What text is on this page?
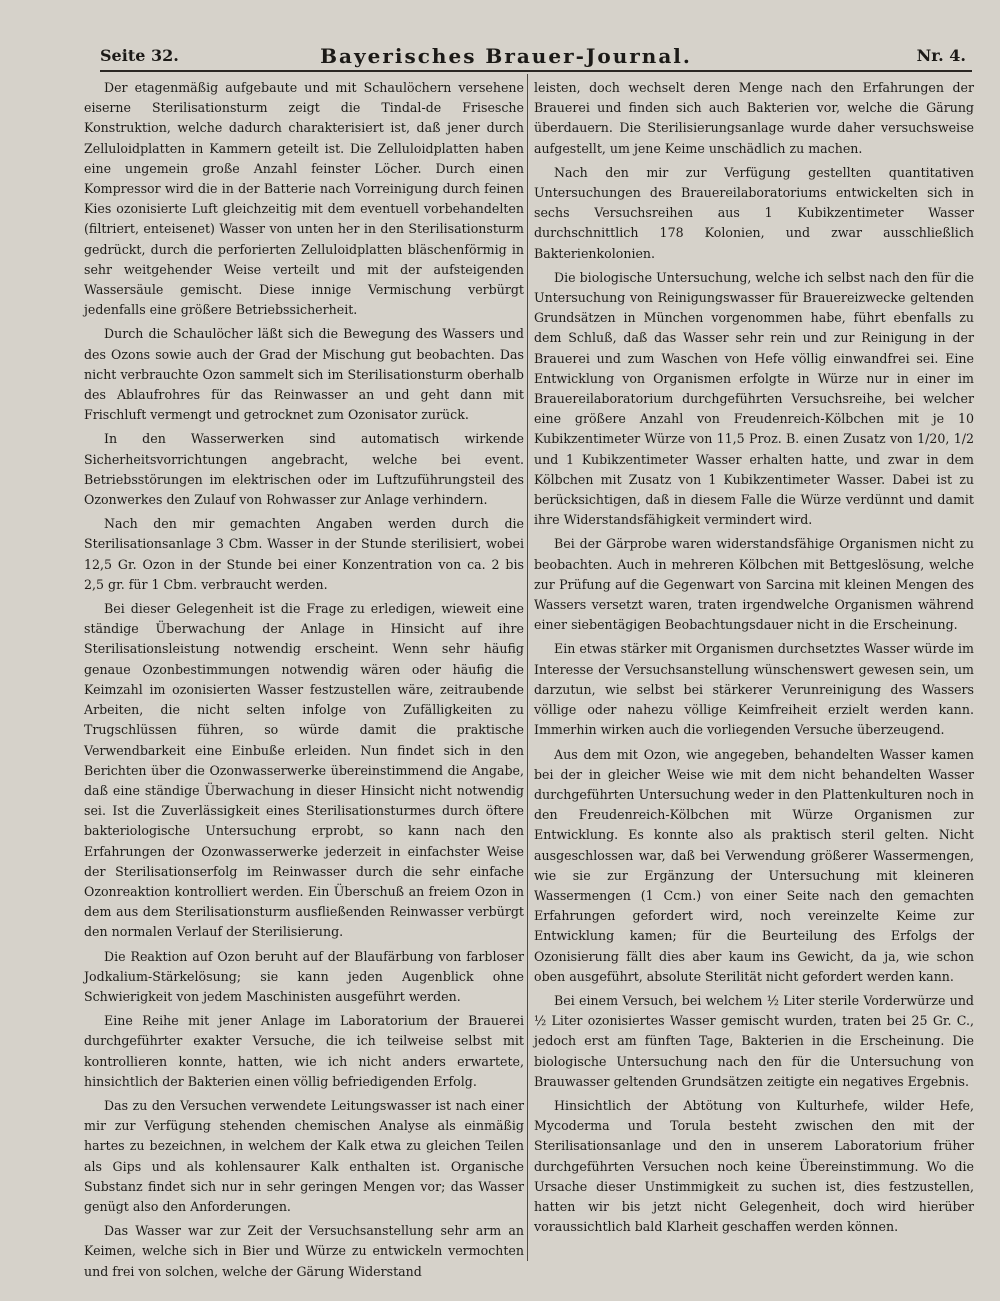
Seite 32.	Bayerisches Brauer-Journal.	Nr. 4.

Der etagenmäßig aufgebaute und mit Schaulöchern versehene eiserne Sterilisationsturm zeigt die Tindal-de Frisesche Konstruktion, welche dadurch charakterisiert ist, daß jener durch Zelluloidplatten in Kammern geteilt ist. Die Zelluloidplatten haben eine ungemein große Anzahl feinster Löcher. Durch einen Kompressor wird die in der Batterie nach Vorreinigung durch feinen Kies ozonisierte Luft gleichzeitig mit dem eventuell vorbehandelten (filtriert, enteisenet) Wasser von unten her in den Sterilisationsturm gedrückt, durch die perforierten Zelluloidplatten bläschenförmig in sehr weitgehender Weise verteilt und mit der aufsteigenden Wassersäule gemischt. Diese innige Vermischung verbürgt jedenfalls eine größere Betriebssicherheit.

Durch die Schaulöcher läßt sich die Bewegung des Wassers und des Ozons sowie auch der Grad der Mischung gut beobachten. Das nicht verbrauchte Ozon sammelt sich im Sterilisationsturm oberhalb des Ablaufrohres für das Reinwasser an und geht dann mit Frischluft vermengt und getrocknet zum Ozonisator zurück.

In den Wasserwerken sind automatisch wirkende Sicherheitsvorrichtungen angebracht, welche bei event. Betriebsstörungen im elektrischen oder im Luftzuführungsteil des Ozonwerkes den Zulauf von Rohwasser zur Anlage verhindern.

Nach den mir gemachten Angaben werden durch die Sterilisationsanlage 3 Cbm. Wasser in der Stunde sterilisiert, wobei 12,5 Gr. Ozon in der Stunde bei einer Konzentration von ca. 2 bis 2,5 gr. für 1 Cbm. verbraucht werden.

Bei dieser Gelegenheit ist die Frage zu erledigen, wieweit eine ständige Überwachung der Anlage in Hinsicht auf ihre Sterilisationsleistung notwendig erscheint. Wenn sehr häufig genaue Ozonbestimmungen notwendig wären oder häufig die Keimzahl im ozonisierten Wasser festzustellen wäre, zeitraubende Arbeiten, die nicht selten infolge von Zufälligkeiten zu Trugschlüssen führen, so würde damit die praktische Verwendbarkeit eine Einbuße erleiden. Nun findet sich in den Berichten über die Ozonwasserwerke übereinstimmend die Angabe, daß eine ständige Überwachung in dieser Hinsicht nicht notwendig sei. Ist die Zuverlässigkeit eines Sterilisationsturmes durch öftere bakteriologische Untersuchung erprobt, so kann nach den Erfahrungen der Ozonwasserwerke jederzeit in einfachster Weise der Sterilisationserfolg im Reinwasser durch die sehr einfache Ozonreaktion kontrolliert werden. Ein Überschuß an freiem Ozon in dem aus dem Sterilisationsturm ausfließenden Reinwasser verbürgt den normalen Verlauf der Sterilisierung.

Die Reaktion auf Ozon beruht auf der Blaufärbung von farbloser Jodkalium-Stärkelösung; sie kann jeden Augenblick ohne Schwierigkeit von jedem Maschinisten ausgeführt werden.

Eine Reihe mit jener Anlage im Laboratorium der Brauerei durchgeführter exakter Versuche, die ich teilweise selbst mit kontrollieren konnte, hatten, wie ich nicht anders erwartete, hinsichtlich der Bakterien einen völlig befriedigenden Erfolg.

Das zu den Versuchen verwendete Leitungswasser ist nach einer mir zur Verfügung stehenden chemischen Analyse als einmäßig hartes zu bezeichnen, in welchem der Kalk etwa zu gleichen Teilen als Gips und als kohlensaurer Kalk enthalten ist. Organische Substanz findet sich nur in sehr geringen Mengen vor; das Wasser genügt also den Anforderungen.

Das Wasser war zur Zeit der Versuchsanstellung sehr arm an Keimen, welche sich in Bier und Würze zu entwickeln vermochten und frei von solchen, welche der Gärung Widerstand

leisten, doch wechselt deren Menge nach den Erfahrungen der Brauerei und finden sich auch Bakterien vor, welche die Gärung überdauern. Die Sterilisierungsanlage wurde daher versuchsweise aufgestellt, um jene Keime unschädlich zu machen.

Nach den mir zur Verfügung gestellten quantitativen Untersuchungen des Brauereilaboratoriums entwickelten sich in sechs Versuchsreihen aus 1 Kubikzentimeter Wasser durchschnittlich 178 Kolonien, und zwar ausschließlich Bakterienkolonien.

Die biologische Untersuchung, welche ich selbst nach den für die Untersuchung von Reinigungswasser für Brauereizwecke geltenden Grundsätzen in München vorgenommen habe, führt ebenfalls zu dem Schluß, daß das Wasser sehr rein und zur Reinigung in der Brauerei und zum Waschen von Hefe völlig einwandfrei sei. Eine Entwicklung von Organismen erfolgte in Würze nur in einer im Brauereilaboratorium durchgeführten Versuchsreihe, bei welcher eine größere Anzahl von Freudenreich-Kölbchen mit je 10 Kubikzentimeter Würze von 11,5 Proz. B. einen Zusatz von 1/20, 1/2 und 1 Kubikzentimeter Wasser erhalten hatte, und zwar in dem Kölbchen mit Zusatz von 1 Kubikzentimeter Wasser. Dabei ist zu berücksichtigen, daß in diesem Falle die Würze verdünnt und damit ihre Widerstandsfähigkeit vermindert wird.

Bei der Gärprobe waren widerstandsfähige Organismen nicht zu beobachten. Auch in mehreren Kölbchen mit Bettgeslösung, welche zur Prüfung auf die Gegenwart von Sarcina mit kleinen Mengen des Wassers versetzt waren, traten irgendwelche Organismen während einer siebentägigen Beobachtungsdauer nicht in die Erscheinung.

Ein etwas stärker mit Organismen durchsetztes Wasser würde im Interesse der Versuchsanstellung wünschenswert gewesen sein, um darzutun, wie selbst bei stärkerer Verunreinigung des Wassers völlige oder nahezu völlige Keimfreiheit erzielt werden kann. Immerhin wirken auch die vorliegenden Versuche überzeugend.

Aus dem mit Ozon, wie angegeben, behandelten Wasser kamen bei der in gleicher Weise wie mit dem nicht behandelten Wasser durchgeführten Untersuchung weder in den Plattenkulturen noch in den Freudenreich-Kölbchen mit Würze Organismen zur Entwicklung. Es konnte also als praktisch steril gelten. Nicht ausgeschlossen war, daß bei Verwendung größerer Wassermengen, wie sie zur Ergänzung der Untersuchung mit kleineren Wassermengen (1 Ccm.) von einer Seite nach den gemachten Erfahrungen gefordert wird, noch vereinzelte Keime zur Entwicklung kamen; für die Beurteilung des Erfolgs der Ozonisierung fällt dies aber kaum ins Gewicht, da ja, wie schon oben ausgeführt, absolute Sterilität nicht gefordert werden kann.

Bei einem Versuch, bei welchem ½ Liter sterile Vorderwürze und ½ Liter ozonisiertes Wasser gemischt wurden, traten bei 25 Gr. C., jedoch erst am fünften Tage, Bakterien in die Erscheinung. Die biologische Untersuchung nach den für die Untersuchung von Brauwasser geltenden Grundsätzen zeitigte ein negatives Ergebnis.

Hinsichtlich der Abtötung von Kulturhefe, wilder Hefe, Mycoderma und Torula besteht zwischen den mit der Sterilisationsanlage und den in unserem Laboratorium früher durchgeführten Versuchen noch keine Übereinstimmung. Wo die Ursache dieser Unstimmigkeit zu suchen ist, dies festzustellen, hatten wir bis jetzt nicht Gelegenheit, doch wird hierüber voraussichtlich bald Klarheit geschaffen werden können.
